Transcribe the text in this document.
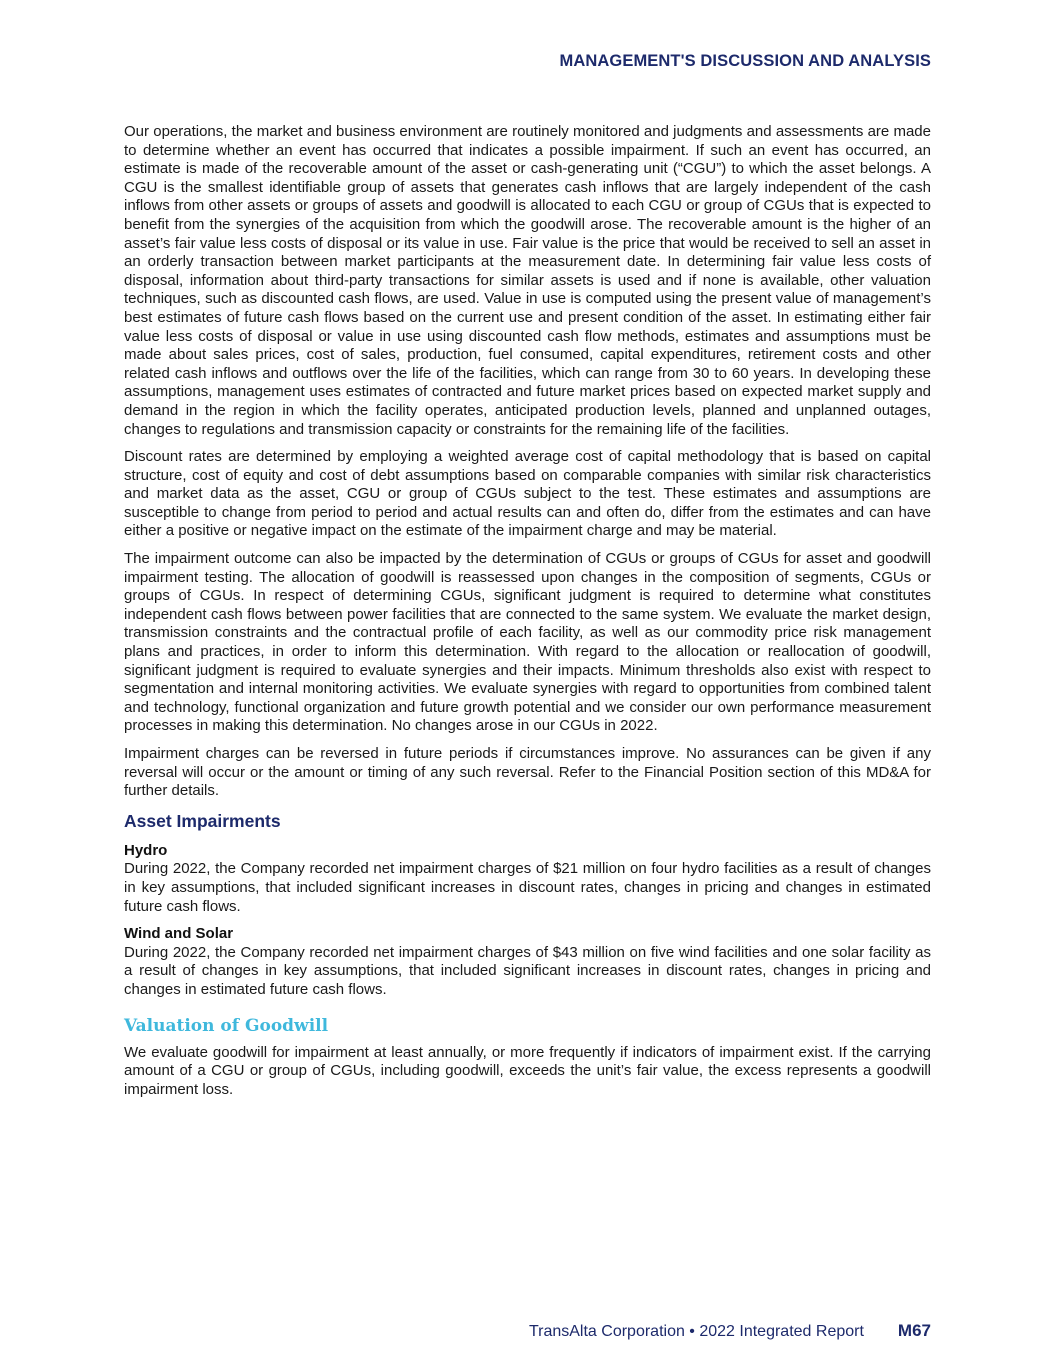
MANAGEMENT'S DISCUSSION AND ANALYSIS

Our operations, the market and business environment are routinely monitored and judgments and assessments are made to determine whether an event has occurred that indicates a possible impairment. If such an event has occurred, an estimate is made of the recoverable amount of the asset or cash-generating unit (“CGU”) to which the asset belongs. A CGU is the smallest identifiable group of assets that generates cash inflows that are largely independent of the cash inflows from other assets or groups of assets and goodwill is allocated to each CGU or group of CGUs that is expected to benefit from the synergies of the acquisition from which the goodwill arose. The recoverable amount is the higher of an asset’s fair value less costs of disposal or its value in use. Fair value is the price that would be received to sell an asset in an orderly transaction between market participants at the measurement date. In determining fair value less costs of disposal, information about third-party transactions for similar assets is used and if none is available, other valuation techniques, such as discounted cash flows, are used. Value in use is computed using the present value of management’s best estimates of future cash flows based on the current use and present condition of the asset. In estimating either fair value less costs of disposal or value in use using discounted cash flow methods, estimates and assumptions must be made about sales prices, cost of sales, production, fuel consumed, capital expenditures, retirement costs and other related cash inflows and outflows over the life of the facilities, which can range from 30 to 60 years. In developing these assumptions, management uses estimates of contracted and future market prices based on expected market supply and demand in the region in which the facility operates, anticipated production levels, planned and unplanned outages, changes to regulations and transmission capacity or constraints for the remaining life of the facilities.

Discount rates are determined by employing a weighted average cost of capital methodology that is based on capital structure, cost of equity and cost of debt assumptions based on comparable companies with similar risk characteristics and market data as the asset, CGU or group of CGUs subject to the test. These estimates and assumptions are susceptible to change from period to period and actual results can and often do, differ from the estimates and can have either a positive or negative impact on the estimate of the impairment charge and may be material.

The impairment outcome can also be impacted by the determination of CGUs or groups of CGUs for asset and goodwill impairment testing. The allocation of goodwill is reassessed upon changes in the composition of segments, CGUs or groups of CGUs. In respect of determining CGUs, significant judgment is required to determine what constitutes independent cash flows between power facilities that are connected to the same system. We evaluate the market design, transmission constraints and the contractual profile of each facility, as well as our commodity price risk management plans and practices, in order to inform this determination. With regard to the allocation or reallocation of goodwill, significant judgment is required to evaluate synergies and their impacts. Minimum thresholds also exist with respect to segmentation and internal monitoring activities. We evaluate synergies with regard to opportunities from combined talent and technology, functional organization and future growth potential and we consider our own performance measurement processes in making this determination. No changes arose in our CGUs in 2022.

Impairment charges can be reversed in future periods if circumstances improve. No assurances can be given if any reversal will occur or the amount or timing of any such reversal. Refer to the Financial Position section of this MD&A for further details.

Asset Impairments
Hydro

During 2022, the Company recorded net impairment charges of $21 million on four hydro facilities as a result of changes in key assumptions, that included significant increases in discount rates, changes in pricing and changes in estimated future cash flows.

Wind and Solar

During 2022, the Company recorded net impairment charges of $43 million on five wind facilities and one solar facility as a result of changes in key assumptions, that included significant increases in discount rates, changes in pricing and changes in estimated future cash flows.

Valuation of Goodwill

We evaluate goodwill for impairment at least annually, or more frequently if indicators of impairment exist. If the carrying amount of a CGU or group of CGUs, including goodwill, exceeds the unit’s fair value, the excess represents a goodwill impairment loss.

TransAlta Corporation • 2022 Integrated Report M67
